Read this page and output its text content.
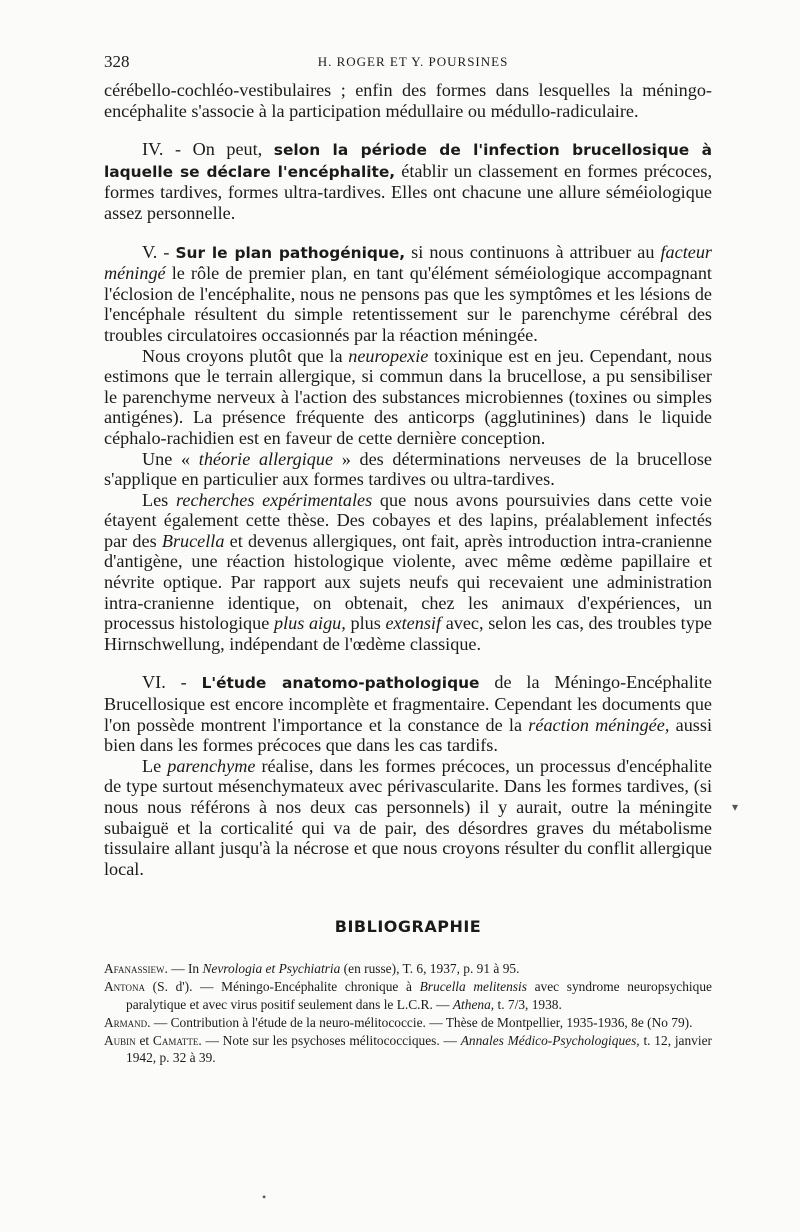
328	H. ROGER ET Y. POURSINES

cérébello-cochléo-vestibulaires ; enfin des formes dans lesquelles la méningo-encéphalite s'associe à la participation médullaire ou médullo-radiculaire.

IV. - On peut, selon la période de l'infection brucellosique à laquelle se déclare l'encéphalite, établir un classement en formes précoces, formes tardives, formes ultra-tardives. Elles ont chacune une allure séméiologique assez personnelle.

V. - Sur le plan pathogénique, si nous continuons à attribuer au facteur méningé le rôle de premier plan, en tant qu'élément séméiologique accompagnant l'éclosion de l'encéphalite, nous ne pensons pas que les symptômes et les lésions de l'encéphale résultent du simple retentissement sur le parenchyme cérébral des troubles circulatoires occasionnés par la réaction méningée.

Nous croyons plutôt que la neuropexie toxinique est en jeu. Cependant, nous estimons que le terrain allergique, si commun dans la brucellose, a pu sensibiliser le parenchyme nerveux à l'action des substances microbiennes (toxines ou simples antigénes). La présence fréquente des anticorps (agglutinines) dans le liquide céphalo-rachidien est en faveur de cette dernière conception.

Une « théorie allergique » des déterminations nerveuses de la brucellose s'applique en particulier aux formes tardives ou ultra-tardives.

Les recherches expérimentales que nous avons poursuivies dans cette voie étayent également cette thèse. Des cobayes et des lapins, préalablement infectés par des Brucella et devenus allergiques, ont fait, après introduction intra-cranienne d'antigène, une réaction histologique violente, avec même œdème papillaire et névrite optique. Par rapport aux sujets neufs qui recevaient une administration intra-cranienne identique, on obtenait, chez les animaux d'expériences, un processus histologique plus aigu, plus extensif avec, selon les cas, des troubles type Hirnschwellung, indépendant de l'œdème classique.

VI. - L'étude anatomo-pathologique de la Méningo-Encéphalite Brucellosique est encore incomplète et fragmentaire. Cependant les documents que l'on possède montrent l'importance et la constance de la réaction méningée, aussi bien dans les formes précoces que dans les cas tardifs.

Le parenchyme réalise, dans les formes précoces, un processus d'encéphalite de type surtout mésenchymateux avec périvascularite. Dans les formes tardives, (si nous nous référons à nos deux cas personnels) il y aurait, outre la méningite subaiguë et la corticalité qui va de pair, des désordres graves du métabolisme tissulaire allant jusqu'à la nécrose et que nous croyons résulter du conflit allergique local.

BIBLIOGRAPHIE
Afanassiew. — In Nevrologia et Psychiatria (en russe), T. 6, 1937, p. 91 à 95.
Antona (S. d'). — Méningo-Encéphalite chronique à Brucella melitensis avec syndrome neuropsychique paralytique et avec virus positif seulement dans le L.C.R. — Athena, t. 7/3, 1938.
Armand. — Contribution à l'étude de la neuro-mélitococcie. — Thèse de Montpellier, 1935-1936, 8e (No 79).
Aubin et Camatte. — Note sur les psychoses mélitococciques. — Annales Médico-Psychologiques, t. 12, janvier 1942, p. 32 à 39.
▾
•
